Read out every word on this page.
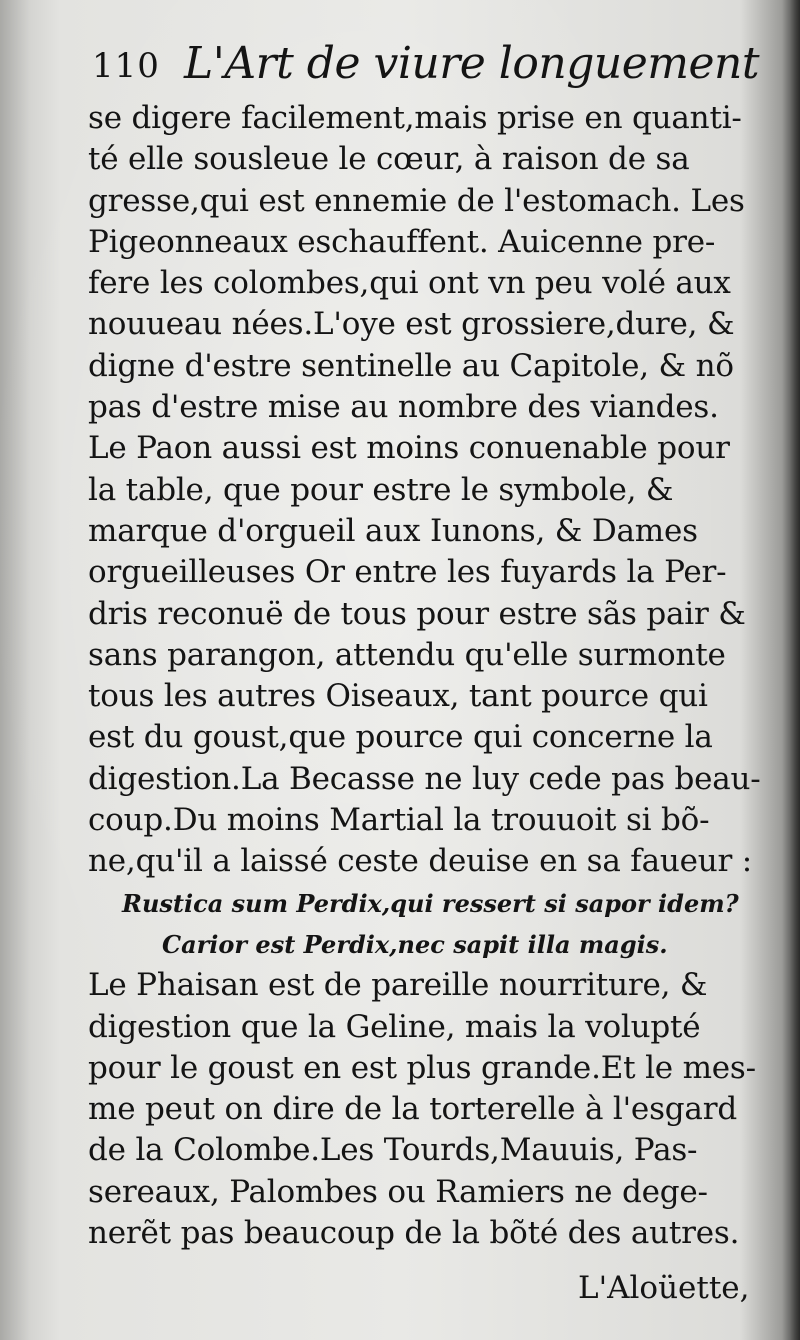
110 L'Art de viure longuement
se digere facilement,mais prise en quanti-
té elle sousleue le cœur, à raison de sa
gresse,qui est ennemie de l'estomach. Les
Pigeonneaux eschauffent. Auicenne pre-
fere les colombes,qui ont vn peu volé aux
nouueau nées.L'oye est grossiere,dure, &
digne d'estre sentinelle au Capitole, & nõ
pas d'estre mise au nombre des viandes.
Le Paon aussi est moins conuenable pour
la table, que pour estre le symbole, &
marque d'orgueil aux Iunons, & Dames
orgueilleuses Or entre les fuyards la Per-
dris reconuë de tous pour estre sãs pair &
sans parangon, attendu qu'elle surmonte
tous les autres Oiseaux, tant pource qui
est du goust,que pource qui concerne la
digestion.La Becasse ne luy cede pas beau-
coup.Du moins Martial la trouuoit si bõ-
ne,qu'il a laissé ceste deuise en sa faueur :
Rustica sum Perdix,qui ressert si sapor idem?
Carior est Perdix,nec sapit illa magis.
Le Phaisan est de pareille nourriture, &
digestion que la Geline, mais la volupté
pour le goust en est plus grande.Et le mes-
me peut on dire de la torterelle à l'esgard
de la Colombe.Les Tourds,Mauuis, Pas-
sereaux, Palombes ou Ramiers ne dege-
nerẽt pas beaucoup de la bõté des autres.
L'Aloüette,
